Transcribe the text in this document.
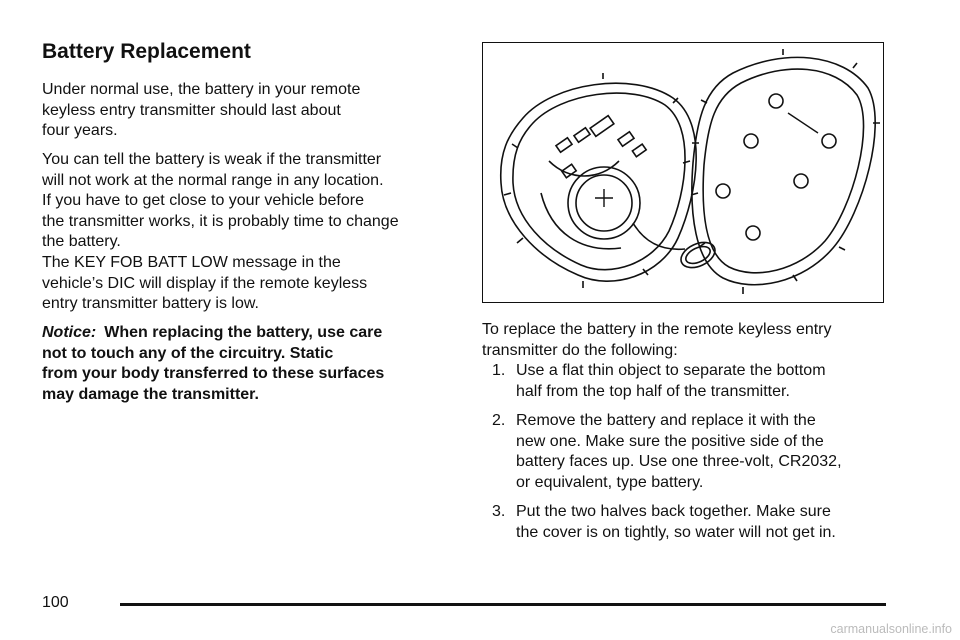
Battery Replacement

Under normal use, the battery in your remote
keyless entry transmitter should last about
four years.

You can tell the battery is weak if the transmitter
will not work at the normal range in any location.
If you have to get close to your vehicle before
the transmitter works, it is probably time to change
the battery.

The KEY FOB BATT LOW message in the
vehicle’s DIC will display if the remote keyless
entry transmitter battery is low.

Notice: When replacing the battery, use care
not to touch any of the circuitry. Static
from your body transferred to these surfaces
may damage the transmitter.

To replace the battery in the remote keyless entry
transmitter do the following:

1. Use a flat thin object to separate the bottom
half from the top half of the transmitter.
2. Remove the battery and replace it with the
new one. Make sure the positive side of the
battery faces up. Use one three-volt, CR2032,
or equivalent, type battery.
3. Put the two halves back together. Make sure
the cover is on tightly, so water will not get in.
100
carmanualsonline.info
